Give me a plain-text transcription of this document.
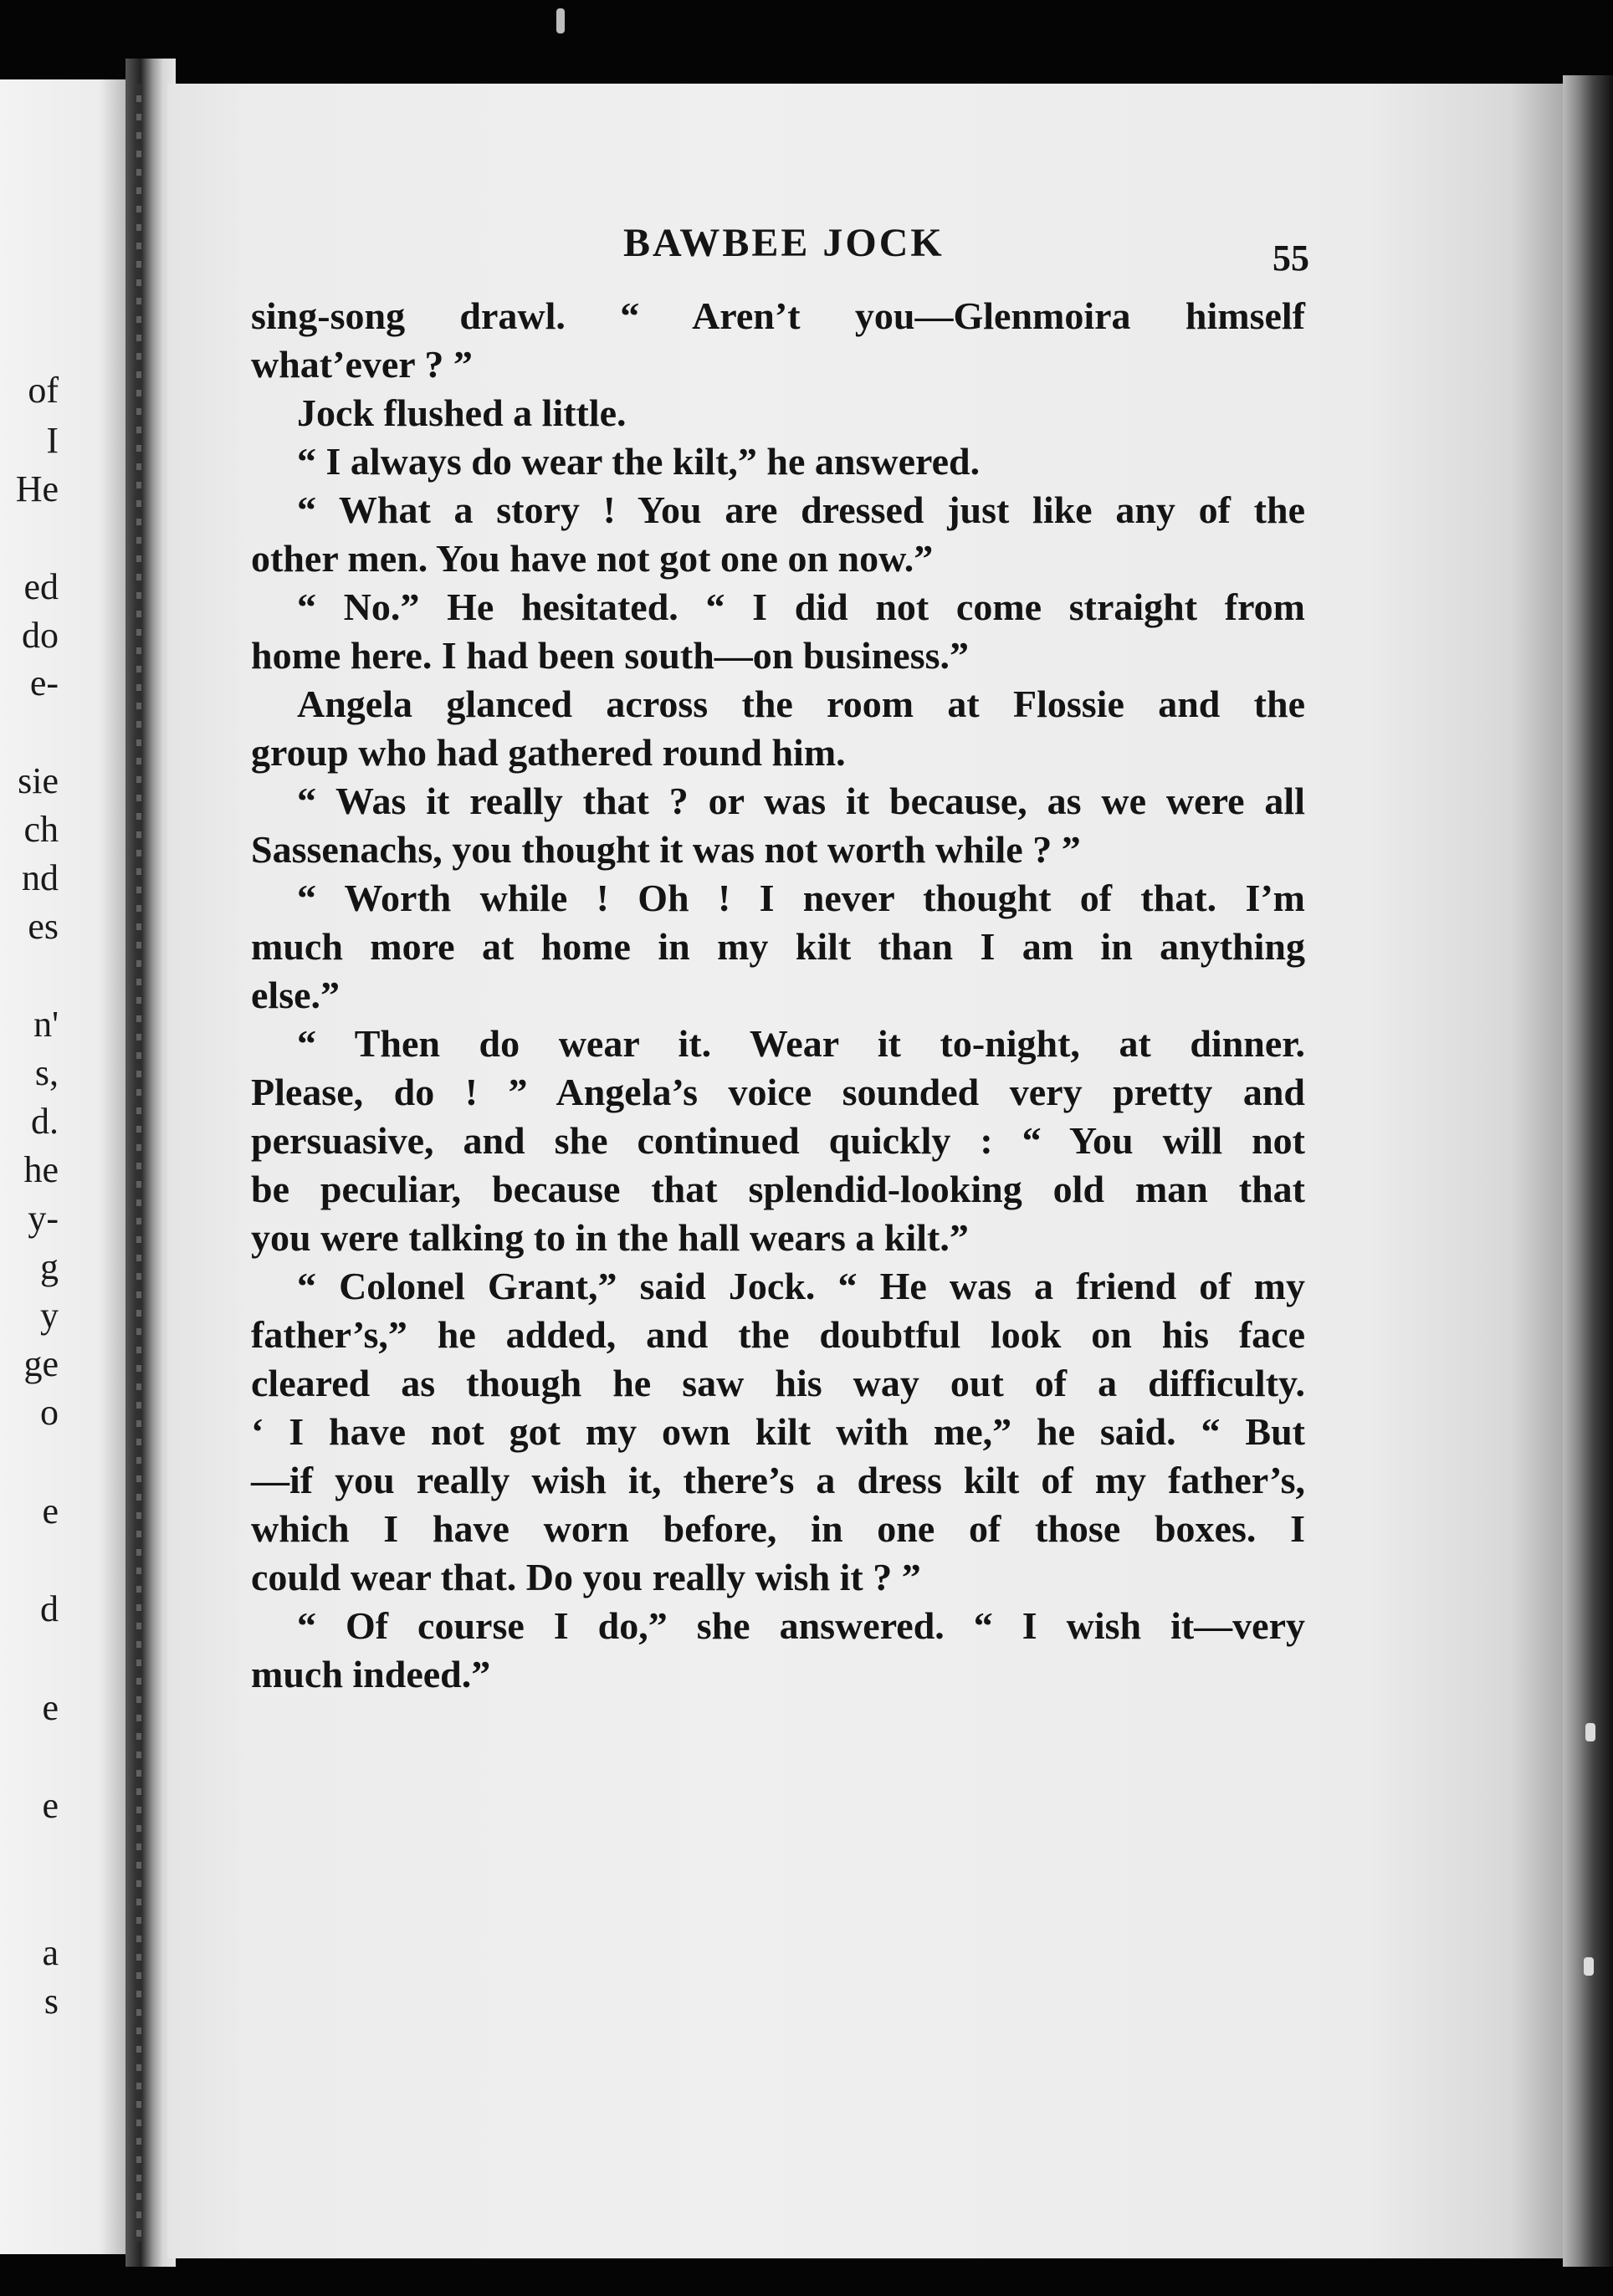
of
I
He
ed
do
e-
sie
ch
nd
es
n'
s,
d.
he
y-
g
y
ge
o
e
d
e
e
a
s
BAWBEE JOCK	55
sing-song drawl. “ Aren’t you—Glenmoira himself
what’ever ? ”
Jock flushed a little.
“ I always do wear the kilt,” he answered.
“ What a story ! You are dressed just like any of the
other men. You have not got one on now.”
“ No.” He hesitated. “ I did not come straight from
home here. I had been south—on business.”
Angela glanced across the room at Flossie and the
group who had gathered round him.
“ Was it really that ? or was it because, as we were all
Sassenachs, you thought it was not worth while ? ”
“ Worth while ! Oh ! I never thought of that. I’m
much more at home in my kilt than I am in anything
else.”
“ Then do wear it. Wear it to-night, at dinner.
Please, do ! ” Angela’s voice sounded very pretty and
persuasive, and she continued quickly : “ You will not
be peculiar, because that splendid-looking old man that
you were talking to in the hall wears a kilt.”
“ Colonel Grant,” said Jock. “ He was a friend of my
father’s,” he added, and the doubtful look on his face
cleared as though he saw his way out of a difficulty.
‘ I have not got my own kilt with me,” he said. “ But
—if you really wish it, there’s a dress kilt of my father’s,
which I have worn before, in one of those boxes. I
could wear that. Do you really wish it ? ”
“ Of course I do,” she answered. “ I wish it—very
much indeed.”
